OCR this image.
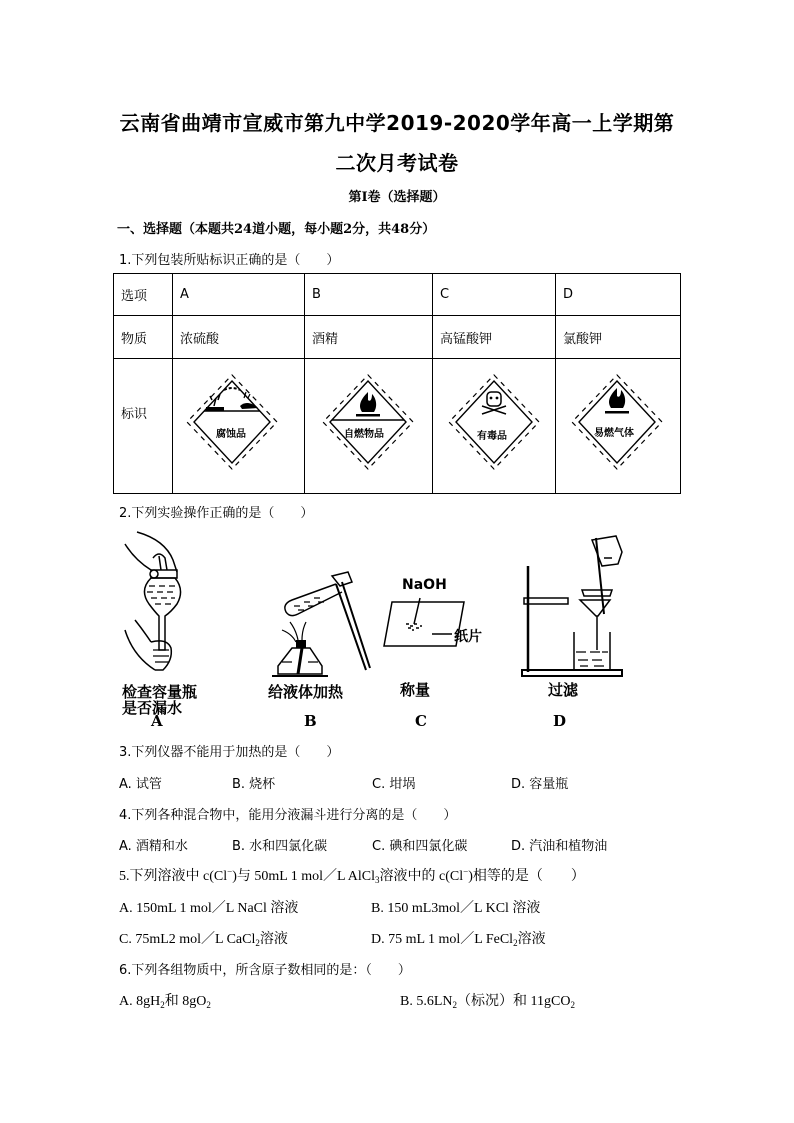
云南省曲靖市宣威市第九中学2019-2020学年高一上学期第
二次月考试卷
第Ⅰ卷（选择题）
一、选择题（本题共24道小题，每小题2分，共48分）
1.下列包装所贴标识正确的是（　　）
选项	A	B	C	D
物质	浓硫酸	酒精	高锰酸钾	氯酸钾
标识				
腐蚀品	自燃物品	有毒品	易燃气体
2.下列实验操作正确的是（　　）
检查容量瓶
是否漏水
A
给液体加热
B
NaOH
纸片
称量
C
过滤
D
3.下列仪器不能用于加热的是（　　）
A. 试管	B. 烧杯	C. 坩埚	D. 容量瓶
4.下列各种混合物中，能用分液漏斗进行分离的是（　　）
A. 酒精和水	B. 水和四氯化碳	C. 碘和四氯化碳	D. 汽油和植物油
5.下列溶液中 c(Cl−)与 50mL 1 mol／L AlCl$_3$溶液中的 c(Cl−)相等的是（　　）
A. 150mL 1 mol／L NaCl 溶液	B. 150 mL3mol／L KCl 溶液
C. 75mL2 mol／L CaCl$_2$溶液	D. 75 mL 1 mol／L FeCl$_2$溶液
6.下列各组物质中，所含原子数相同的是：（　　）
A. $8gH_2$和 $8gO_2$	B. $5.6LN_2$（标况）和 11gCO$_2$
